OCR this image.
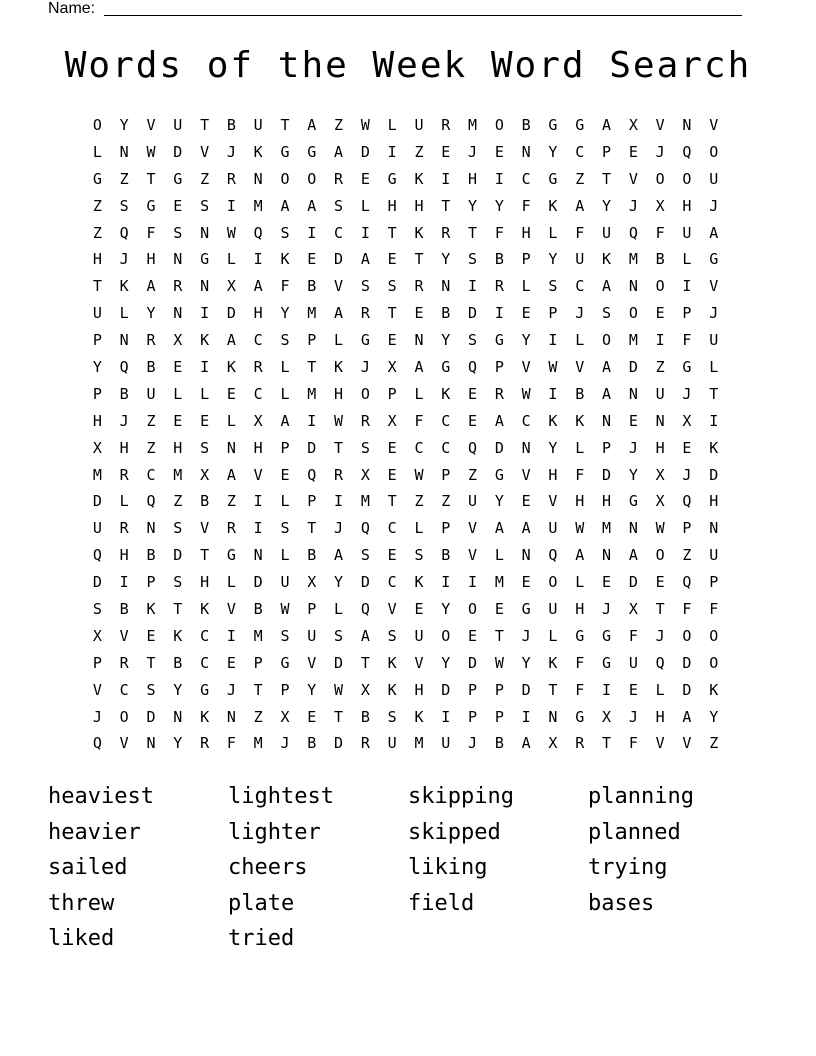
Name:
Words of the Week Word Search
O	Y	V	U	T	B	U	T	A	Z	W	L	U	R	M	O	B	G	G	A	X	V	N	V
L	N	W	D	V	J	K	G	G	A	D	I	Z	E	J	E	N	Y	C	P	E	J	Q	O
G	Z	T	G	Z	R	N	O	O	R	E	G	K	I	H	I	C	G	Z	T	V	O	O	U
Z	S	G	E	S	I	M	A	A	S	L	H	H	T	Y	Y	F	K	A	Y	J	X	H	J
Z	Q	F	S	N	W	Q	S	I	C	I	T	K	R	T	F	H	L	F	U	Q	F	U	A
H	J	H	N	G	L	I	K	E	D	A	E	T	Y	S	B	P	Y	U	K	M	B	L	G
T	K	A	R	N	X	A	F	B	V	S	S	R	N	I	R	L	S	C	A	N	O	I	V
U	L	Y	N	I	D	H	Y	M	A	R	T	E	B	D	I	E	P	J	S	O	E	P	J
P	N	R	X	K	A	C	S	P	L	G	E	N	Y	S	G	Y	I	L	O	M	I	F	U
Y	Q	B	E	I	K	R	L	T	K	J	X	A	G	Q	P	V	W	V	A	D	Z	G	L
P	B	U	L	L	E	C	L	M	H	O	P	L	K	E	R	W	I	B	A	N	U	J	T
H	J	Z	E	E	L	X	A	I	W	R	X	F	C	E	A	C	K	K	N	E	N	X	I
X	H	Z	H	S	N	H	P	D	T	S	E	C	C	Q	D	N	Y	L	P	J	H	E	K
M	R	C	M	X	A	V	E	Q	R	X	E	W	P	Z	G	V	H	F	D	Y	X	J	D
D	L	Q	Z	B	Z	I	L	P	I	M	T	Z	Z	U	Y	E	V	H	H	G	X	Q	H
U	R	N	S	V	R	I	S	T	J	Q	C	L	P	V	A	A	U	W	M	N	W	P	N
Q	H	B	D	T	G	N	L	B	A	S	E	S	B	V	L	N	Q	A	N	A	O	Z	U
D	I	P	S	H	L	D	U	X	Y	D	C	K	I	I	M	E	O	L	E	D	E	Q	P
S	B	K	T	K	V	B	W	P	L	Q	V	E	Y	O	E	G	U	H	J	X	T	F	F
X	V	E	K	C	I	M	S	U	S	A	S	U	O	E	T	J	L	G	G	F	J	O	O
P	R	T	B	C	E	P	G	V	D	T	K	V	Y	D	W	Y	K	F	G	U	Q	D	O
V	C	S	Y	G	J	T	P	Y	W	X	K	H	D	P	P	D	T	F	I	E	L	D	K
J	O	D	N	K	N	Z	X	E	T	B	S	K	I	P	P	I	N	G	X	J	H	A	Y
Q	V	N	Y	R	F	M	J	B	D	R	U	M	U	J	B	A	X	R	T	F	V	V	Z
heaviest	lightest	skipping	planning
heavier	lighter	skipped	planned
sailed	cheers	liking	trying
threw	plate	field	bases
liked	tried
